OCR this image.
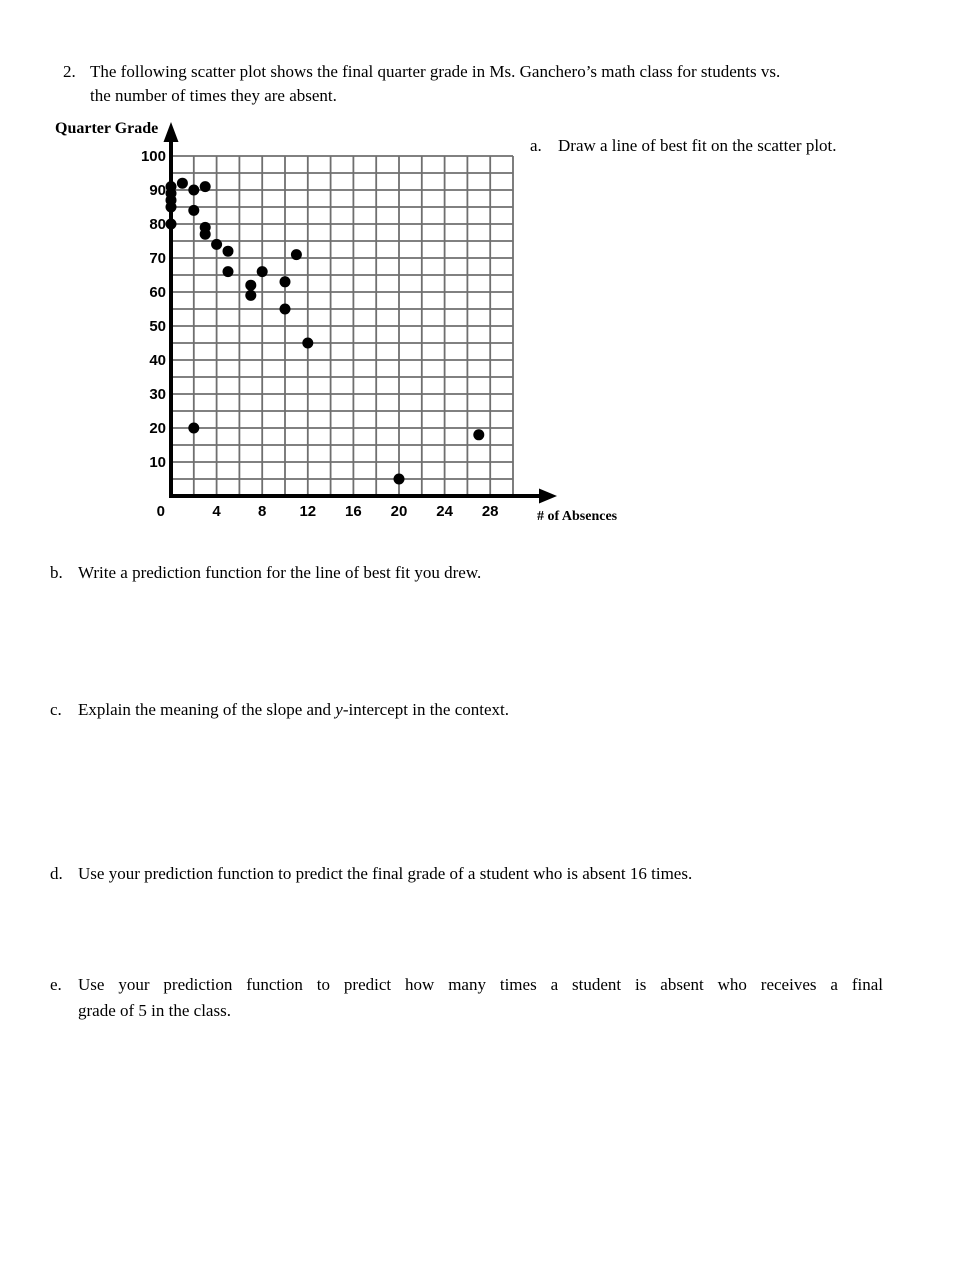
2. The following scatter plot shows the final quarter grade in Ms. Ganchero’s math class for students vs.
the number of times they are absent.
10
20
30
40
50
60
70
80
90
100
0	4 8 12 16 20 24 28
Quarter Grade
# of Absences
a. Draw a line of best fit on the scatter plot.
b. Write a prediction function for the line of best fit you drew.
c. Explain the meaning of the slope and y-intercept in the context.
d. Use your prediction function to predict the final grade of a student who is absent 16 times.
e. Use your prediction function to predict how many times a student is absent who receives a final
grade of 5 in the class.
